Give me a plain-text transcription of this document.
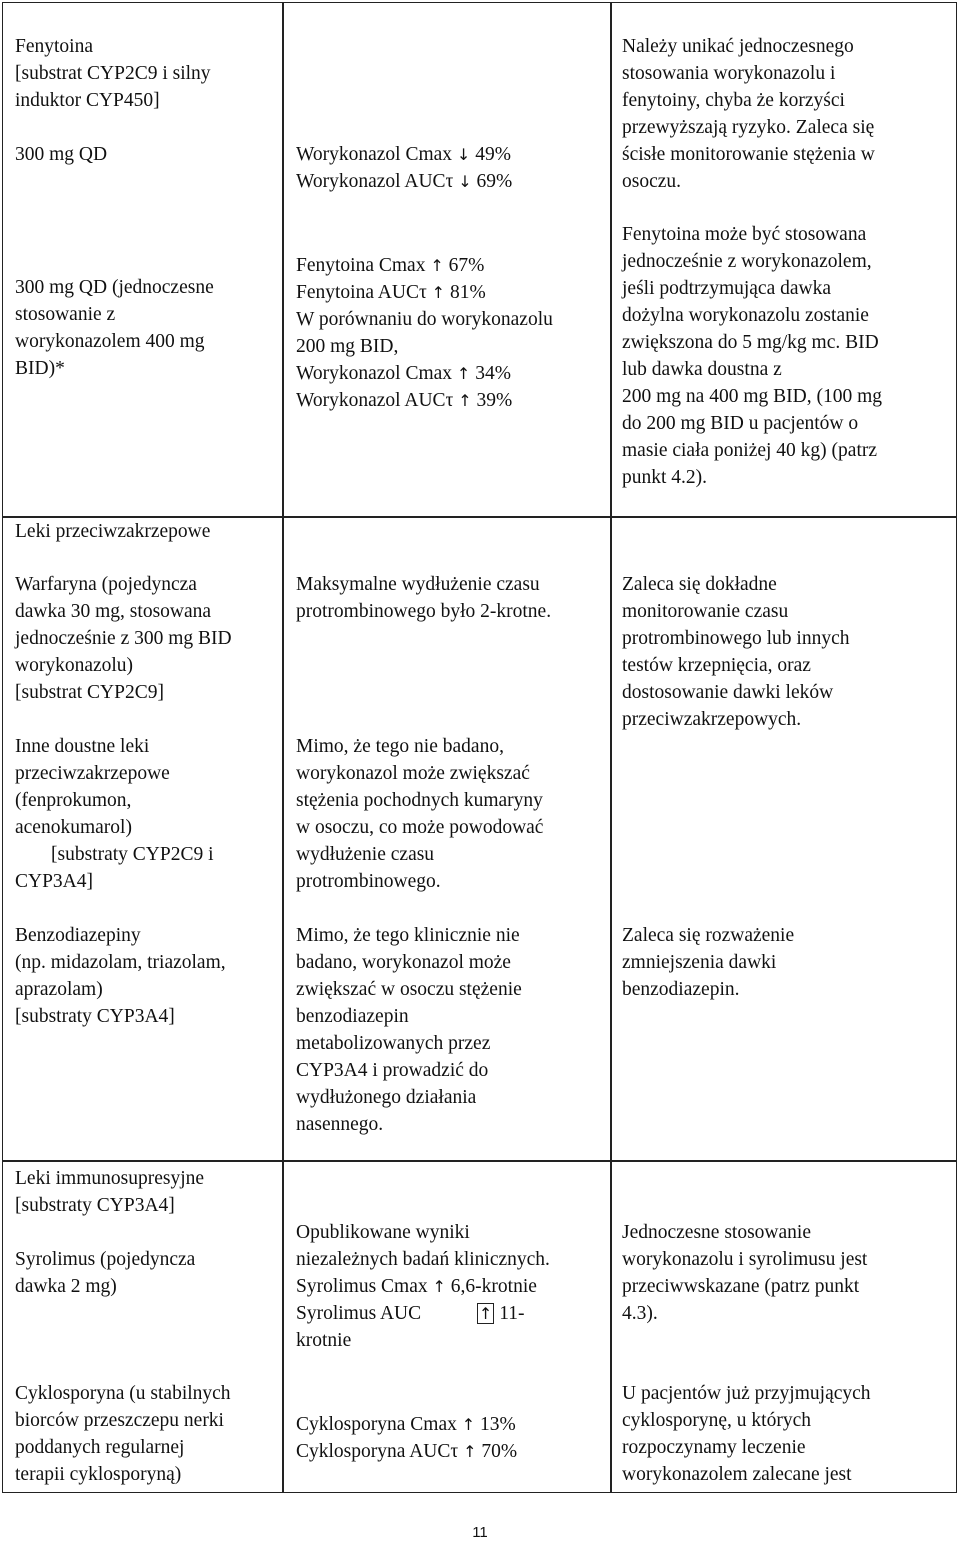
Fenytoina

[substrat CYP2C9 i silny

induktor CYP450]

300 mg QD	Worykonazol Cmax ↓ 49%

Worykonazol AUCτ ↓ 69%

Należy unikać jednoczesnego

stosowania worykonazolu i

fenytoiny, chyba że korzyści

przewyższają ryzyko. Zaleca się

ścisłe monitorowanie stężenia w

osoczu.

300 mg QD (jednoczesne

stosowanie z

worykonazolem 400 mg

BID)*

Fenytoina Cmax ↑ 67%

Fenytoina AUCτ ↑ 81%

W porównaniu do worykonazolu

200 mg BID,

Worykonazol Cmax ↑ 34%

Worykonazol AUCτ ↑ 39%

Fenytoina może być stosowana

jednocześnie z worykonazolem,

jeśli podtrzymująca dawka

dożylna worykonazolu zostanie

zwiększona do 5 mg/kg mc. BID

lub dawka doustna z

200 mg na 400 mg BID, (100 mg

do 200 mg BID u pacjentów o

masie ciała poniżej 40 kg) (patrz

punkt 4.2).

Leki przeciwzakrzepowe

Warfaryna (pojedyncza

dawka 30 mg, stosowana

jednocześnie z 300 mg BID

worykonazolu)

[substrat CYP2C9]

Inne doustne leki

przeciwzakrzepowe

(fenprokumon,

acenokumarol)

[substraty CYP2C9 i

CYP3A4]

Maksymalne wydłużenie czasu

protrombinowego było 2-krotne.

Mimo, że tego nie badano,

worykonazol może zwiększać

stężenia pochodnych kumaryny

w osoczu, co może powodować

wydłużenie czasu

protrombinowego.

Zaleca się dokładne

monitorowanie czasu

protrombinowego lub innych

testów krzepnięcia, oraz

dostosowanie dawki leków

przeciwzakrzepowych.

Benzodiazepiny

(np. midazolam, triazolam,

aprazolam)

[substraty CYP3A4]

Mimo, że tego klinicznie nie

badano, worykonazol może

zwiększać w osoczu stężenie

benzodiazepin

metabolizowanych przez

CYP3A4 i prowadzić do

wydłużonego działania

nasennego.

Zaleca się rozważenie

zmniejszenia dawki

benzodiazepin.

Leki immunosupresyjne

[substraty CYP3A4]

Syrolimus (pojedyncza

dawka 2 mg)

Opublikowane wyniki

niezależnych badań klinicznych.

Syrolimus Cmax ↑ 6,6-krotnie

Syrolimus AUC	↑ 11-

krotnie

Jednoczesne stosowanie

worykonazolu i syrolimusu jest

przeciwwskazane (patrz punkt

4.3).

Cyklosporyna (u stabilnych

biorców przeszczepu nerki

poddanych regularnej

terapii cyklosporyną)

Cyklosporyna Cmax ↑ 13%

Cyklosporyna AUCτ ↑ 70%

U pacjentów już przyjmujących

cyklosporynę, u których

rozpoczynamy leczenie

worykonazolem zalecane jest

11
